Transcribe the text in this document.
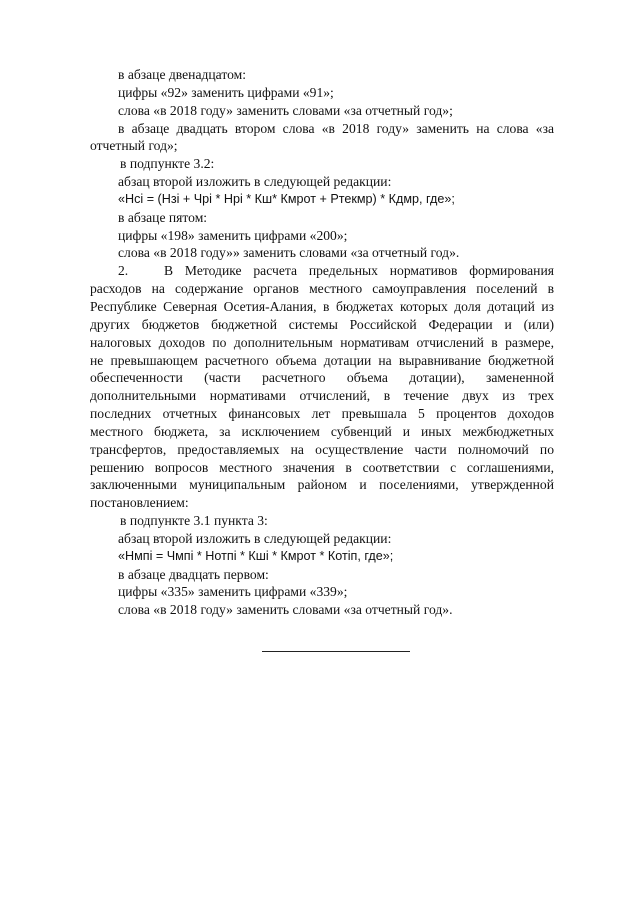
в абзаце двенадцатом:
цифры «92» заменить цифрами «91»;
слова «в 2018 году» заменить словами «за отчетный год»;
в абзаце двадцать втором слова «в 2018 году» заменить на слова «за
отчетный год»;
в подпункте 3.2:
абзац второй изложить в следующей редакции:
«Нci = (Нзi + Чpi * Нpi * Кш* Кмрот + Ртекмр) * Кдмр, где»;
в абзаце пятом:
цифры «198» заменить цифрами «200»;
слова «в 2018 году»» заменить словами «за отчетный год».
2.	В Методике расчета предельных нормативов формирования
расходов на содержание органов местного самоуправления поселений в
Республике Северная Осетия-Алания, в бюджетах которых доля дотаций из
других бюджетов бюджетной системы Российской Федерации и (или)
налоговых доходов по дополнительным нормативам отчислений в размере,
не превышающем расчетного объема дотации на выравнивание бюджетной
обеспеченности (части расчетного объема дотации), замененной
дополнительными нормативами отчислений, в течение двух из трех
последних отчетных финансовых лет превышала 5 процентов доходов
местного бюджета, за исключением субвенций и иных межбюджетных
трансфертов, предоставляемых на осуществление части полномочий по
решению вопросов местного значения в соответствии с соглашениями,
заключенными муниципальным районом и поселениями, утвержденной
постановлением:
в подпункте 3.1 пункта 3:
абзац второй изложить в следующей редакции:
«Нмпi = Чмпi * Нотпi * Кшi * Кмрот * Котiп, где»;
в абзаце двадцать первом:
цифры «335» заменить цифрами «339»;
слова «в 2018 году» заменить словами «за отчетный год».
